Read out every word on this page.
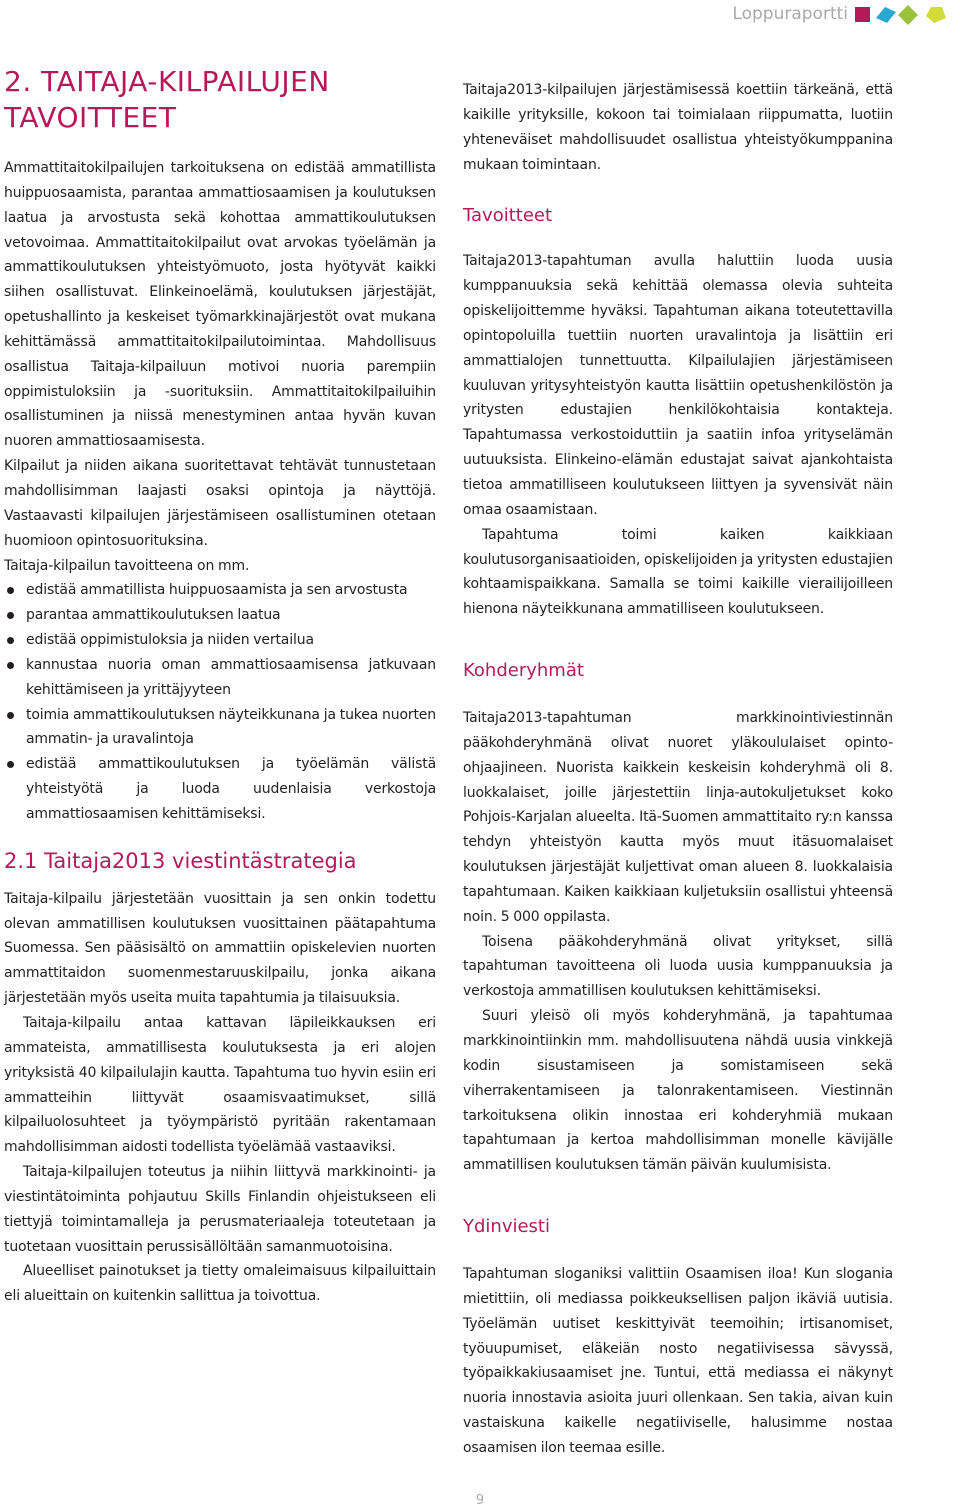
Loppuraportti
2. TAITAJA-KILPAILUJEN TAVOITTEET

Ammattitaitokilpailujen tarkoituksena on edistää ammatillista huippuosaamista, parantaa ammattiosaamisen ja koulutuksen laatua ja arvostusta sekä kohottaa ammattikoulutuksen vetovoimaa. Ammattitaitokilpailut ovat arvokas työelämän ja ammattikoulutuksen yhteistyömuoto, josta hyötyvät kaikki siihen osallistuvat. Elinkeinoelämä, koulutuksen järjestäjät, opetushallinto ja keskeiset työmarkkinajärjestöt ovat mukana kehittämässä ammattitaitokilpailutoimintaa. Mahdollisuus osallistua Taitaja-kilpailuun motivoi nuoria parempiin oppimistuloksiin ja -suorituksiin. Ammattitaitokilpailuihin osallistuminen ja niissä menestyminen antaa hyvän kuvan nuoren ammattiosaamisesta.

Kilpailut ja niiden aikana suoritettavat tehtävät tunnustetaan mahdollisimman laajasti osaksi opintoja ja näyttöjä. Vastaavasti kilpailujen järjestämiseen osallistuminen otetaan huomioon opintosuorituksina.

Taitaja-kilpailun tavoitteena on mm.

edistää ammatillista huippuosaamista ja sen arvostusta
parantaa ammattikoulutuksen laatua
edistää oppimistuloksia ja niiden vertailua
kannustaa nuoria oman ammattiosaamisensa jatkuvaan kehittämiseen ja yrittäjyyteen
toimia ammattikoulutuksen näyteikkunana ja tukea nuorten ammatin- ja uravalintoja
edistää ammattikoulutuksen ja työelämän välistä yhteistyötä ja luoda uudenlaisia verkostoja ammattiosaamisen kehittämiseksi.
2.1 Taitaja2013 viestintästrategia

Taitaja-kilpailu järjestetään vuosittain ja sen onkin todettu olevan ammatillisen koulutuksen vuosittainen päätapahtuma Suomessa. Sen pääsisältö on ammattiin opiskelevien nuorten ammattitaidon suomenmestaruuskilpailu, jonka aikana järjestetään myös useita muita tapahtumia ja tilaisuuksia.

Taitaja-kilpailu antaa kattavan läpileikkauksen eri ammateista, ammatillisesta koulutuksesta ja eri alojen yrityksistä 40 kilpailulajin kautta. Tapahtuma tuo hyvin esiin eri ammatteihin liittyvät osaamisvaatimukset, sillä kilpailuolosuhteet ja työympäristö pyritään rakentamaan mahdollisimman aidosti todellista työelämää vastaaviksi.

Taitaja-kilpailujen toteutus ja niihin liittyvä markkinointi- ja viestintätoiminta pohjautuu Skills Finlandin ohjeistukseen eli tiettyjä toimintamalleja ja perusmateriaaleja toteutetaan ja tuotetaan vuosittain perussisällöltään samanmuotoisina.

Alueelliset painotukset ja tietty omaleimaisuus kilpailuittain eli alueittain on kuitenkin sallittua ja toivottua.

Taitaja2013-kilpailujen järjestämisessä koettiin tärkeänä, että kaikille yrityksille, kokoon tai toimialaan riippumatta, luotiin yhteneväiset mahdollisuudet osallistua yhteistyökumppanina mukaan toimintaan.

Tavoitteet

Taitaja2013-tapahtuman avulla haluttiin luoda uusia kumppanuuksia sekä kehittää olemassa olevia suhteita opiskelijoittemme hyväksi. Tapahtuman aikana toteutettavilla opintopoluilla tuettiin nuorten uravalintoja ja lisättiin eri ammattialojen tunnettuutta. Kilpailulajien järjestämiseen kuuluvan yritysyhteistyön kautta lisättiin opetushenkilöstön ja yritysten edustajien henkilökohtaisia kontakteja. Tapahtumassa verkostoiduttiin ja saatiin infoa yrityselämän uutuuksista. Elinkeino-elämän edustajat saivat ajankohtaista tietoa ammatilliseen koulutukseen liittyen ja syvensivät näin omaa osaamistaan.

Tapahtuma toimi kaiken kaikkiaan koulutusorganisaatioiden, opiskelijoiden ja yritysten edustajien kohtaamispaikkana. Samalla se toimi kaikille vierailijoilleen hienona näyteikkunana ammatilliseen koulutukseen.

Kohderyhmät

Taitaja2013-tapahtuman markkinointiviestinnän pääkohderyhmänä olivat nuoret yläkoululaiset opinto-ohjaajineen. Nuorista kaikkein keskeisin kohderyhmä oli 8. luokkalaiset, joille järjestettiin linja-autokuljetukset koko Pohjois-Karjalan alueelta. Itä-Suomen ammattitaito ry:n kanssa tehdyn yhteistyön kautta myös muut itäsuomalaiset koulutuksen järjestäjät kuljettivat oman alueen 8. luokkalaisia tapahtumaan. Kaiken kaikkiaan kuljetuksiin osallistui yhteensä noin. 5 000 oppilasta.

Toisena pääkohderyhmänä olivat yritykset, sillä tapahtuman tavoitteena oli luoda uusia kumppanuuksia ja verkostoja ammatillisen koulutuksen kehittämiseksi.

Suuri yleisö oli myös kohderyhmänä, ja tapahtumaa markkinointiinkin mm. mahdollisuutena nähdä uusia vinkkejä kodin sisustamiseen ja somistamiseen sekä viherrakentamiseen ja talonrakentamiseen. Viestinnän tarkoituksena olikin innostaa eri kohderyhmiä mukaan tapahtumaan ja kertoa mahdollisimman monelle kävijälle ammatillisen koulutuksen tämän päivän kuulumisista.

Ydinviesti

Tapahtuman sloganiksi valittiin Osaamisen iloa! Kun slogania mietittiin, oli mediassa poikkeuksellisen paljon ikäviä uutisia. Työelämän uutiset keskittyivät teemoihin; irtisanomiset, työuupumiset, eläkeiän nosto negatiivisessa sävyssä, työpaikkakiusaamiset jne. Tuntui, että mediassa ei näkynyt nuoria innostavia asioita juuri ollenkaan. Sen takia, aivan kuin vastaiskuna kaikelle negatiiviselle, halusimme nostaa osaamisen ilon teemaa esille.

9
